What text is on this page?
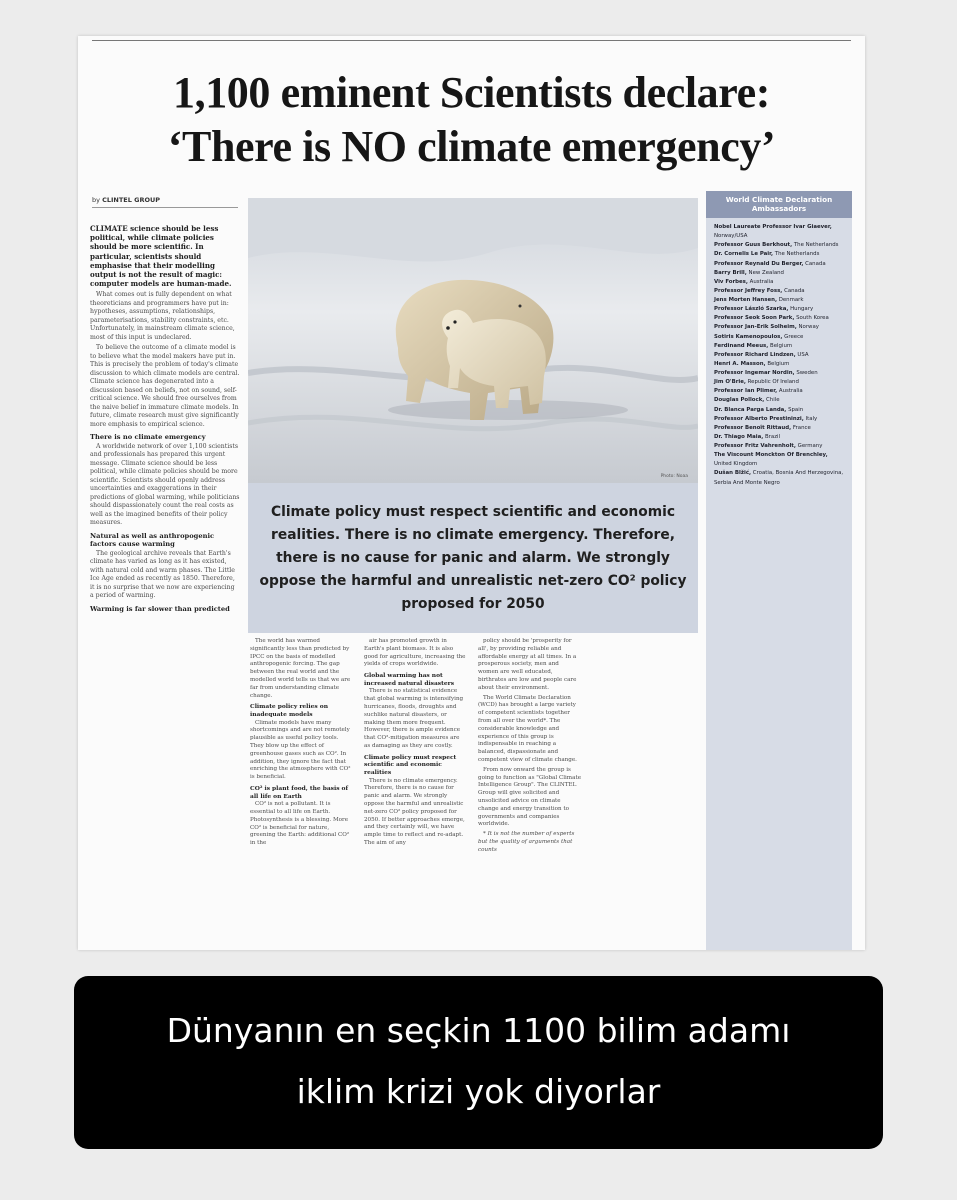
1,100 eminent Scientists declare:
‘There is NO climate emergency’
by CLINTEL GROUP
CLIMATE science should be less political, while climate policies should be more scientific. In particular, scientists should emphasise that their modelling output is not the result of magic: computer models are human-made.

What comes out is fully dependent on what theoreticians and programmers have put in: hypotheses, assumptions, relationships, parameterisations, stability constraints, etc. Unfortunately, in mainstream climate science, most of this input is undeclared.

To believe the outcome of a climate model is to believe what the model makers have put in. This is precisely the problem of today's climate discussion to which climate models are central. Climate science has degenerated into a discussion based on beliefs, not on sound, self-critical science. We should free ourselves from the naive belief in immature climate models. In future, climate research must give significantly more emphasis to empirical science.

There is no climate emergency

A worldwide network of over 1,100 scientists and professionals has prepared this urgent message. Climate science should be less political, while climate policies should be more scientific. Scientists should openly address uncertainties and exaggerations in their predictions of global warming, while politicians should dispassionately count the real costs as well as the imagined benefits of their policy measures.

Natural as well as anthropogenic factors cause warming

The geological archive reveals that Earth's climate has varied as long as it has existed, with natural cold and warm phases. The Little Ice Age ended as recently as 1850. Therefore, it is no surprise that we now are experiencing a period of warming.

Warming is far slower than predicted
Photo: Noaa
Climate policy must respect scientific and economic realities. There is no climate emergency. Therefore, there is no cause for panic and alarm. We strongly oppose the harmful and unrealistic net-zero CO² policy proposed for 2050
World Climate Declaration Ambassadors
Nobel Laureate Professor Ivar Giaever, Norway/USA
Professor Guus Berkhout, The Netherlands
Dr. Cornelis Le Pair, The Netherlands
Professor Reynald Du Berger, Canada
Barry Brill, New Zealand
Viv Forbes, Australia
Professor Jeffrey Foss, Canada
Jens Morten Hansen, Denmark
Professor László Szarka, Hungary
Professor Seok Soon Park, South Korea
Professor Jan-Erik Solheim, Norway
Sotiris Kamenopoulos, Greece
Ferdinand Meeus, Belgium
Professor Richard Lindzen, USA
Henri A. Masson, Belgium
Professor Ingemar Nordin, Sweden
Jim O'Brie, Republic Of Ireland
Professor Ian Plimer, Australia
Douglas Pollock, Chile
Dr. Blanca Parga Landa, Spain
Professor Alberto Prestininzi, Italy
Professor Benoît Rittaud, France
Dr. Thiago Maia, Brazil
Professor Fritz Vahrenholt, Germany
The Viscount Monckton Of Brenchley, United Kingdom
Dušan Blžić, Croatia, Bosnia And Herzegovina, Serbia And Monte Negro

The world has warmed significantly less than predicted by IPCC on the basis of modelled anthropogenic forcing. The gap between the real world and the modelled world tells us that we are far from understanding climate change.

Climate policy relies on inadequate models

Climate models have many shortcomings and are not remotely plausible as useful policy tools. They blow up the effect of greenhouse gases such as CO². In addition, they ignore the fact that enriching the atmosphere with CO² is beneficial.

CO² is plant food, the basis of all life on Earth

CO² is not a pollutant. It is essential to all life on Earth. Photosynthesis is a blessing. More CO² is beneficial for nature, greening the Earth: additional CO² in the

air has promoted growth in Earth's plant biomass. It is also good for agriculture, increasing the yields of crops worldwide.

Global warming has not increased natural disasters

There is no statistical evidence that global warming is intensifying hurricanes, floods, droughts and suchlike natural disasters, or making them more frequent. However, there is ample evidence that CO²-mitigation measures are as damaging as they are costly.

Climate policy must respect scientific and economic realities

There is no climate emergency. Therefore, there is no cause for panic and alarm. We strongly oppose the harmful and unrealistic net-zero CO² policy proposed for 2050. If better approaches emerge, and they certainly will, we have ample time to reflect and re-adapt. The aim of any

policy should be 'prosperity for all', by providing reliable and affordable energy at all times. In a prosperous society, men and women are well educated, birthrates are low and people care about their environment.

The World Climate Declaration (WCD) has brought a large variety of competent scientists together from all over the world*. The considerable knowledge and experience of this group is indispensable in reaching a balanced, dispassionate and competent view of climate change.

From now onward the group is going to function as "Global Climate Intelligence Group". The CLINTEL Group will give solicited and unsolicited advice on climate change and energy transition to governments and companies worldwide.

* It is not the number of experts but the quality of arguments that counts

Dünyanın en seçkin 1100 bilim adamı
iklim krizi yok diyorlar
